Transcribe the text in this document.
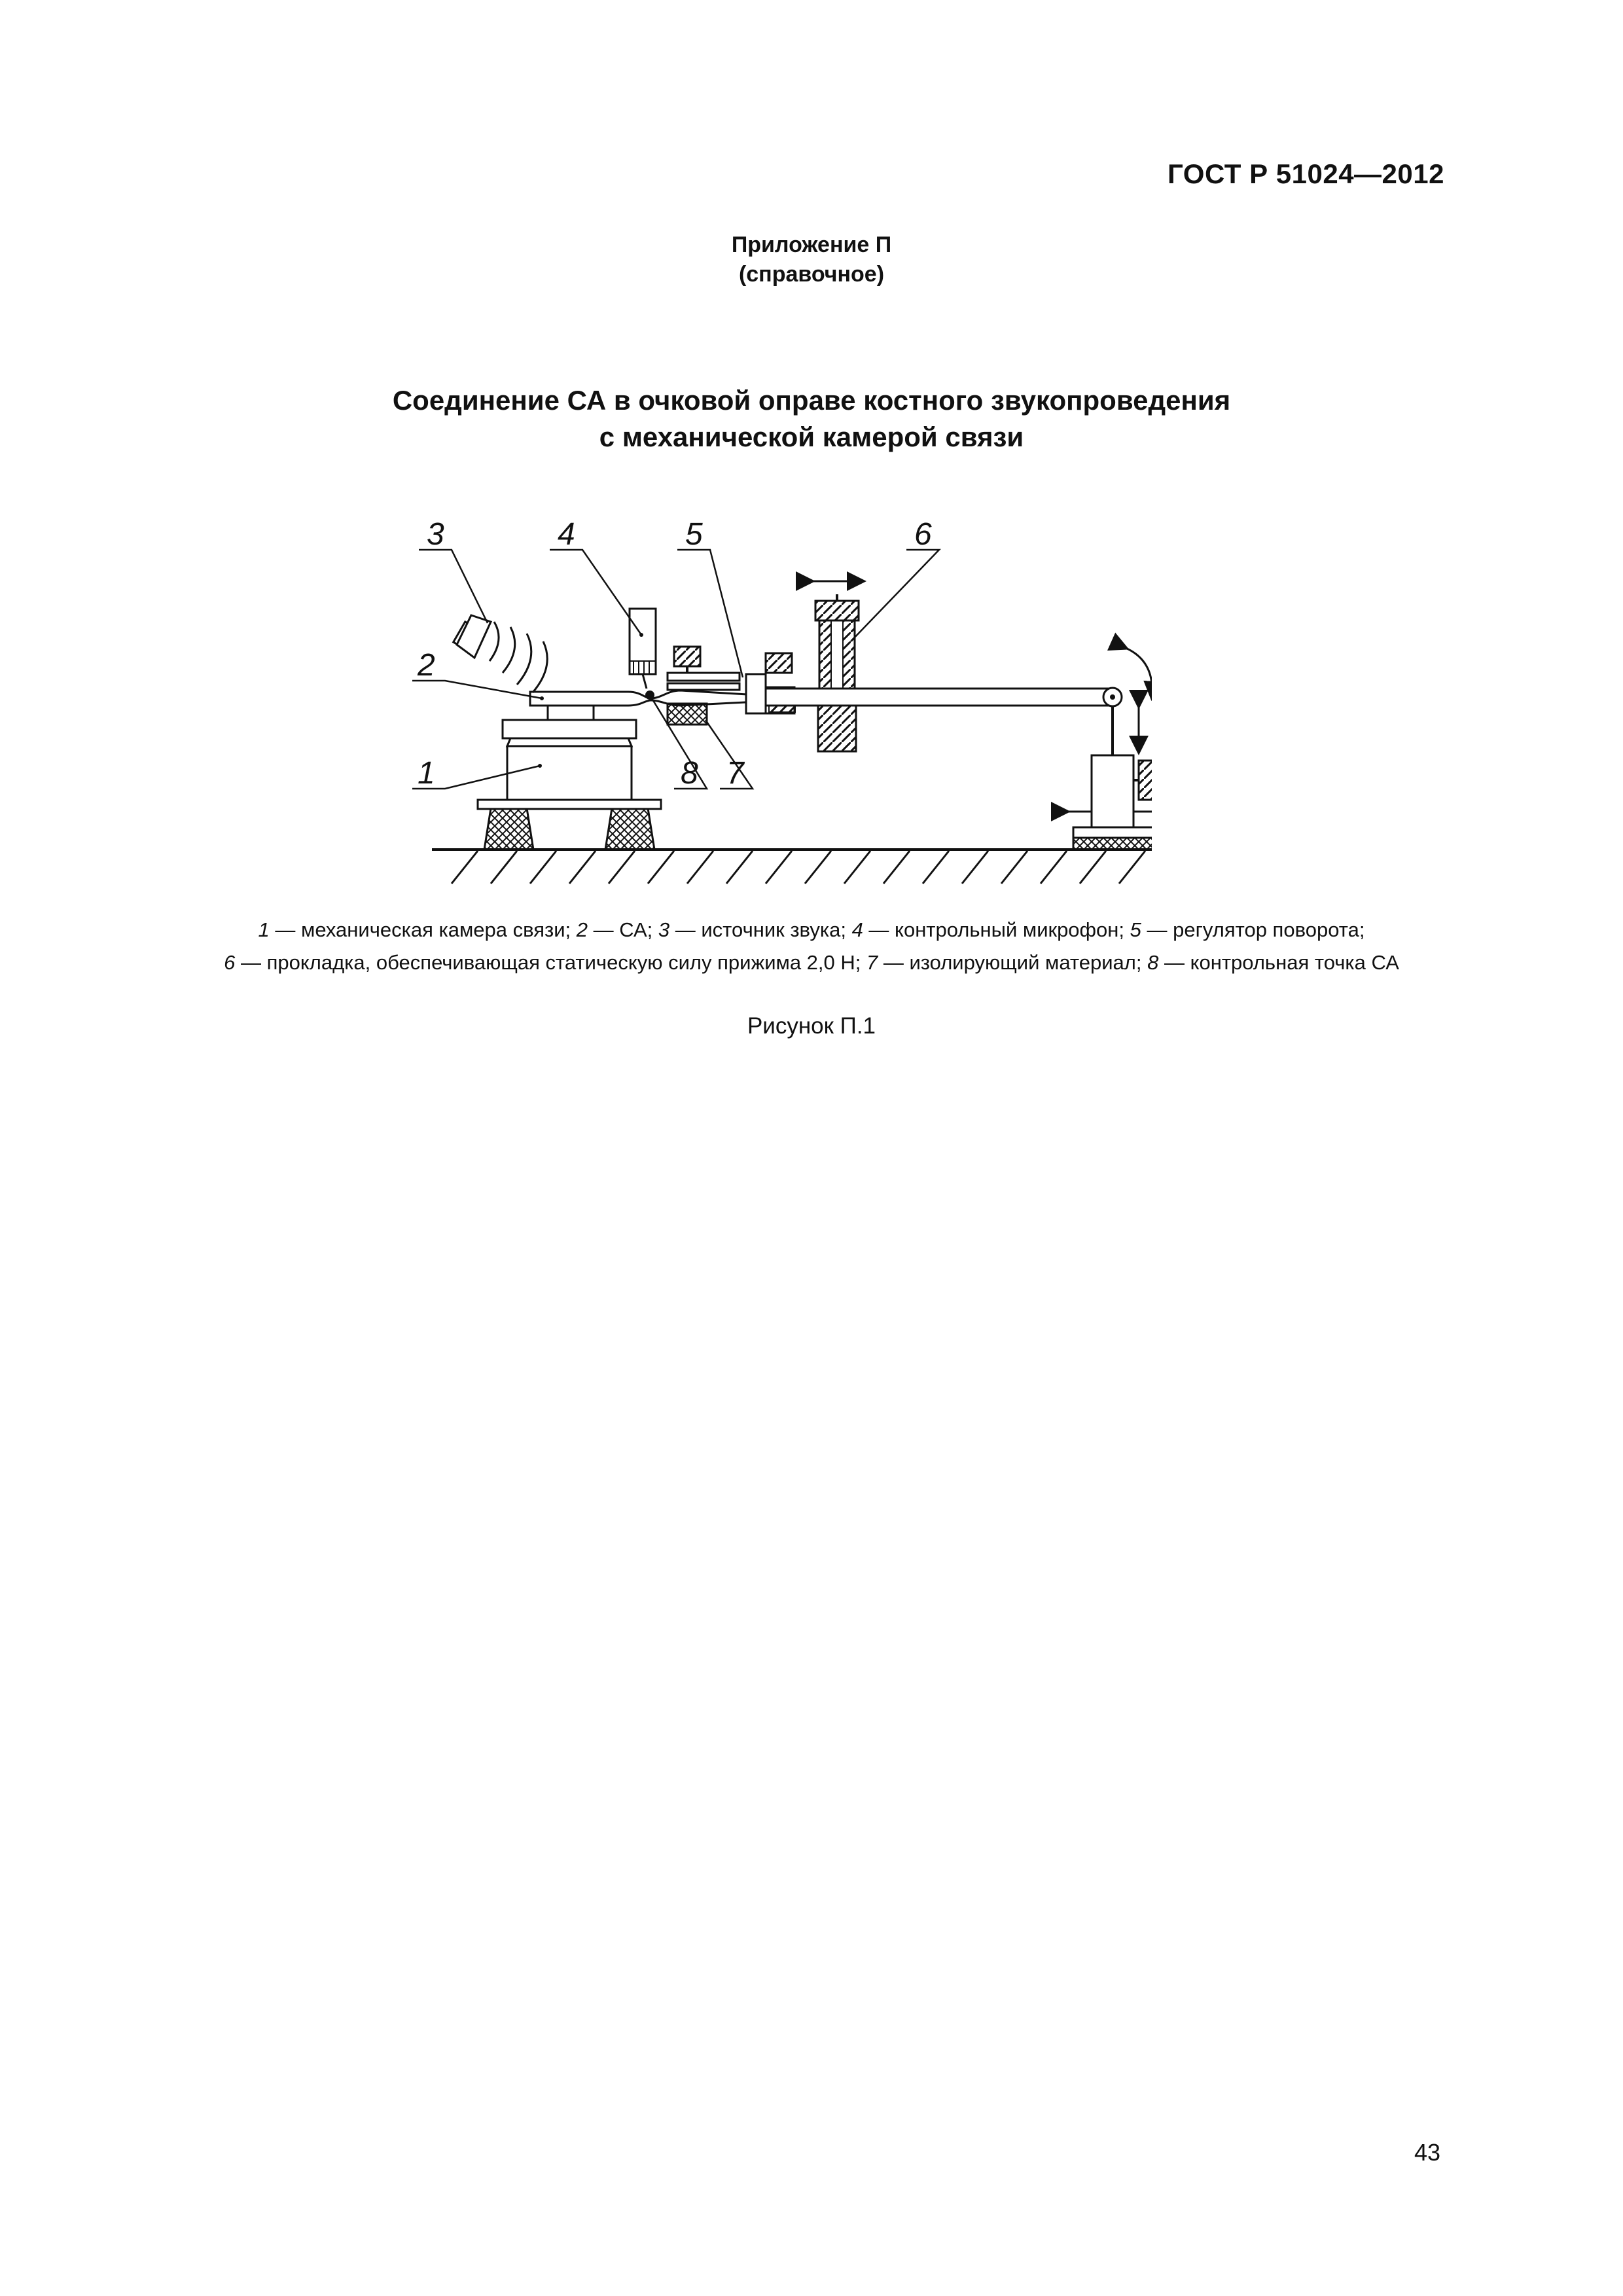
ГОСТ Р 51024—2012
Приложение П
(справочное)
Соединение СА в очковой оправе костного звукопроведения
с механической камерой связи
3	4	5	6
2
1	8 7
1 — механическая камера связи; 2 — СА; 3 — источник звука; 4 — контрольный микрофон; 5 — регулятор поворота;
6 — прокладка, обеспечивающая статическую силу прижима 2,0 Н; 7 — изолирующий материал; 8 — контрольная точка СА
Рисунок П.1
43
